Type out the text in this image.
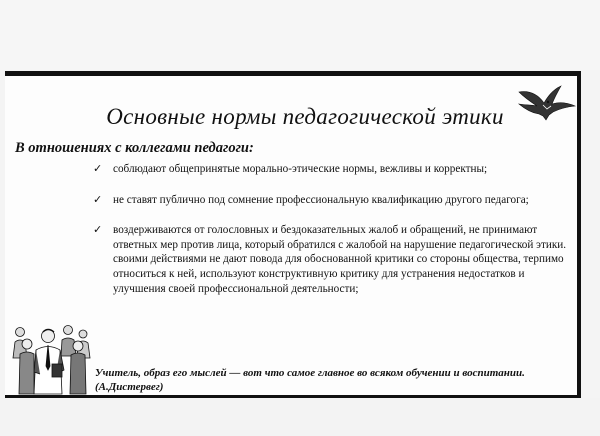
Основные нормы педагогической этики
В отношениях с коллегами педагоги:
✓ соблюдают общепринятые морально-этические нормы, вежливы и корректны;
✓ не ставят публично под сомнение профессиональную квалификацию другого педагога;
✓ воздерживаются от голословных и бездоказательных жалоб и обращений, не принимают ответных мер против лица, который обратился с жалобой на нарушение педагогической этики. своими действиями не дают повода для обоснованной критики со стороны общества, терпимо относиться к ней, используют конструктивную критику для устранения недостатков и улучшения своей профессиональной деятельности;

Учитель, образ его мыслей — вот что самое главное во всяком обучении и воспитании.
(А.Дистервег)
